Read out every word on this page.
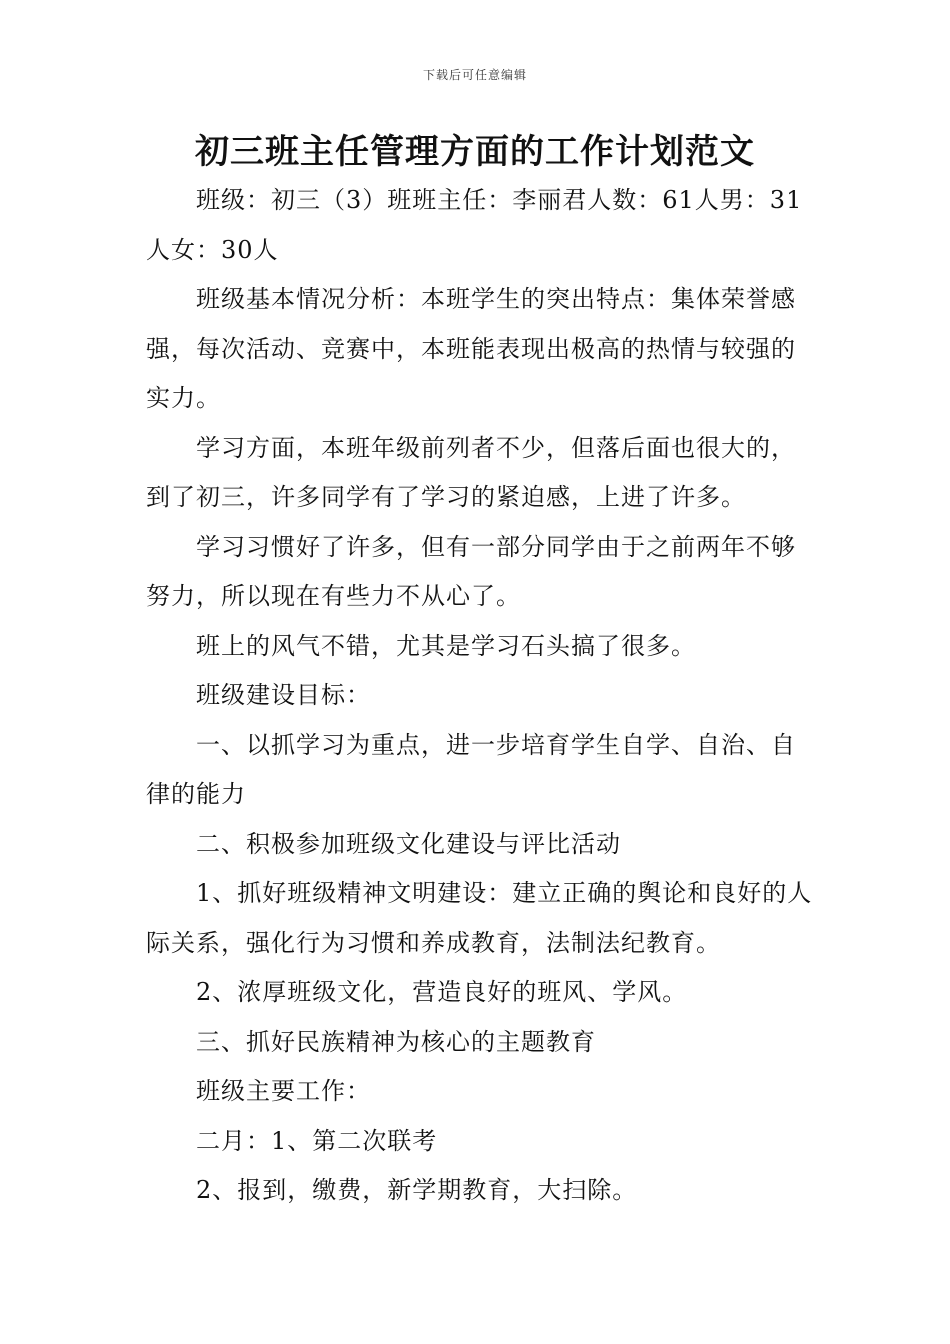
下载后可任意编辑
初三班主任管理方面的工作计划范文

班级：初三（3）班班主任：李丽君人数：61人男：31人女：30人

班级基本情况分析：本班学生的突出特点：集体荣誉感强，每次活动、竞赛中，本班能表现出极高的热情与较强的实力。

学习方面，本班年级前列者不少，但落后面也很大的，到了初三，许多同学有了学习的紧迫感，上进了许多。

学习习惯好了许多，但有一部分同学由于之前两年不够努力，所以现在有些力不从心了。

班上的风气不错，尤其是学习石头搞了很多。

班级建设目标：

一、以抓学习为重点，进一步培育学生自学、自治、自律的能力

二、积极参加班级文化建设与评比活动

1、抓好班级精神文明建设：建立正确的舆论和良好的人际关系，强化行为习惯和养成教育，法制法纪教育。

2、浓厚班级文化，营造良好的班风、学风。

三、抓好民族精神为核心的主题教育

班级主要工作：

二月：1、第二次联考

2、报到，缴费，新学期教育，大扫除。
